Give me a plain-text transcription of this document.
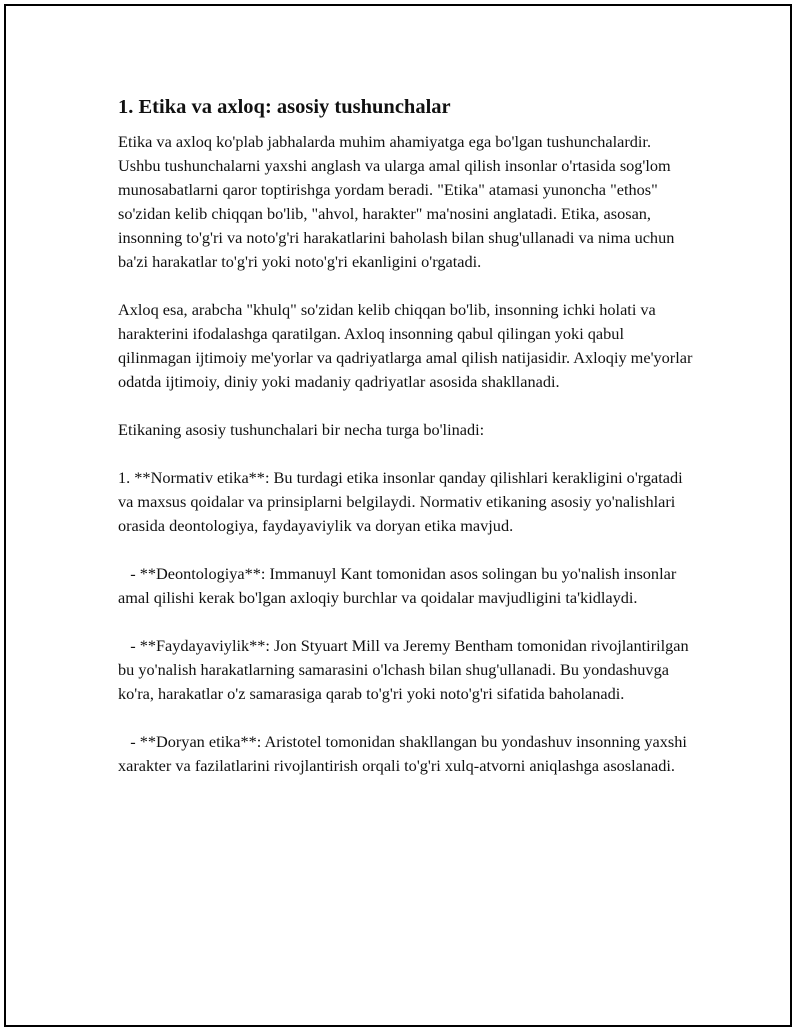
1. Etika va axloq: asosiy tushunchalar

Etika va axloq ko'plab jabhalarda muhim ahamiyatga ega bo'lgan tushunchalardir. Ushbu tushunchalarni yaxshi anglash va ularga amal qilish insonlar o'rtasida sog'lom munosabatlarni qaror toptirishga yordam beradi. "Etika" atamasi yunoncha "ethos" so'zidan kelib chiqqan bo'lib, "ahvol, harakter" ma'nosini anglatadi. Etika, asosan, insonning to'g'ri va noto'g'ri harakatlarini baholash bilan shug'ullanadi va nima uchun ba'zi harakatlar to'g'ri yoki noto'g'ri ekanligini o'rgatadi.

Axloq esa, arabcha "khulq" so'zidan kelib chiqqan bo'lib, insonning ichki holati va harakterini ifodalashga qaratilgan. Axloq insonning qabul qilingan yoki qabul qilinmagan ijtimoiy me'yorlar va qadriyatlarga amal qilish natijasidir. Axloqiy me'yorlar odatda ijtimoiy, diniy yoki madaniy qadriyatlar asosida shakllanadi.

Etikaning asosiy tushunchalari bir necha turga bo'linadi:

1. **Normativ etika**: Bu turdagi etika insonlar qanday qilishlari kerakligini o'rgatadi va maxsus qoidalar va prinsiplarni belgilaydi. Normativ etikaning asosiy yo'nalishlari orasida deontologiya, faydayaviylik va doryan etika mavjud.

- **Deontologiya**: Immanuyl Kant tomonidan asos solingan bu yo'nalish insonlar amal qilishi kerak bo'lgan axloqiy burchlar va qoidalar mavjudligini ta'kidlaydi.

- **Faydayaviylik**: Jon Styuart Mill va Jeremy Bentham tomonidan rivojlantirilgan bu yo'nalish harakatlarning samarasini o'lchash bilan shug'ullanadi. Bu yondashuvga ko'ra, harakatlar o'z samarasiga qarab to'g'ri yoki noto'g'ri sifatida baholanadi.

- **Doryan etika**: Aristotel tomonidan shakllangan bu yondashuv insonning yaxshi xarakter va fazilatlarini rivojlantirish orqali to'g'ri xulq-atvorni aniqlashga asoslanadi.
